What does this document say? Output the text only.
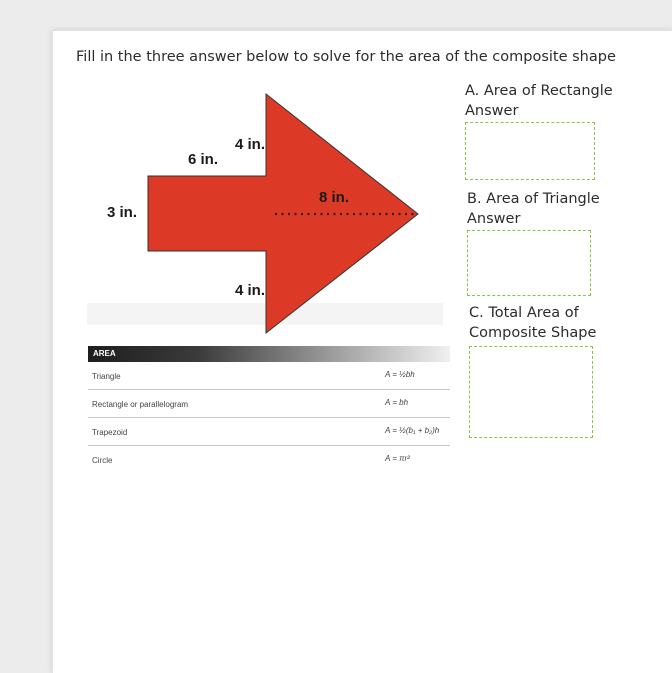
Fill in the three answer below to solve for the area of the composite shape

4 in.
6 in.
3 in.
8 in.
4 in.
AREA
Triangle	A = ½bh
Rectangle or parallelogram	A = bh
Trapezoid	A = ½(b₁ + b₂)h
Circle	A = πr²

A. Area of Rectangle Answer

B. Area of Triangle Answer

C. Total Area of Composite Shape
